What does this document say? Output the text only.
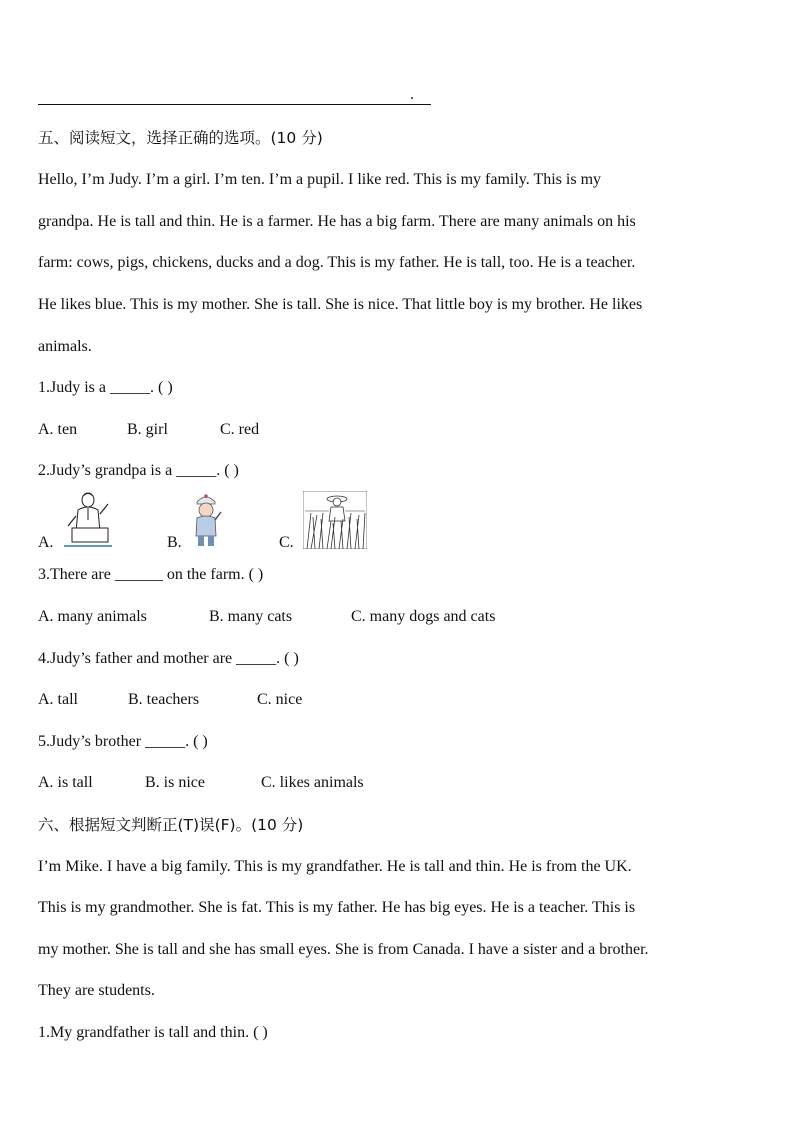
.
五、阅读短文，选择正确的选项。(10 分)
Hello, I’m Judy. I’m a girl. I’m ten. I’m a pupil. I like red. This is my family. This is my
grandpa. He is tall and thin. He is a farmer. He has a big farm. There are many animals on his
farm: cows, pigs, chickens, ducks and a dog. This is my father. He is tall, too. He is a teacher.
He likes blue. This is my mother. She is tall. She is nice. That little boy is my brother. He likes
animals.
1.Judy is a _____. ( )
A. ten	B. girl	C. red
2.Judy’s grandpa is a _____. ( )
A.	B.	C.
3.There are ______ on the farm. ( )
A. many animals	B. many cats	C. many dogs and cats
4.Judy’s father and mother are _____. ( )
A. tall	B. teachers	C. nice
5.Judy’s brother _____. ( )
A. is tall	B. is nice	C. likes animals
六、根据短文判断正(T)误(F)。(10 分)
I’m Mike. I have a big family. This is my grandfather. He is tall and thin. He is from the UK.
This is my grandmother. She is fat. This is my father. He has big eyes. He is a teacher. This is
my mother. She is tall and she has small eyes. She is from Canada. I have a sister and a brother.
They are students.
1.My grandfather is tall and thin. ( )
